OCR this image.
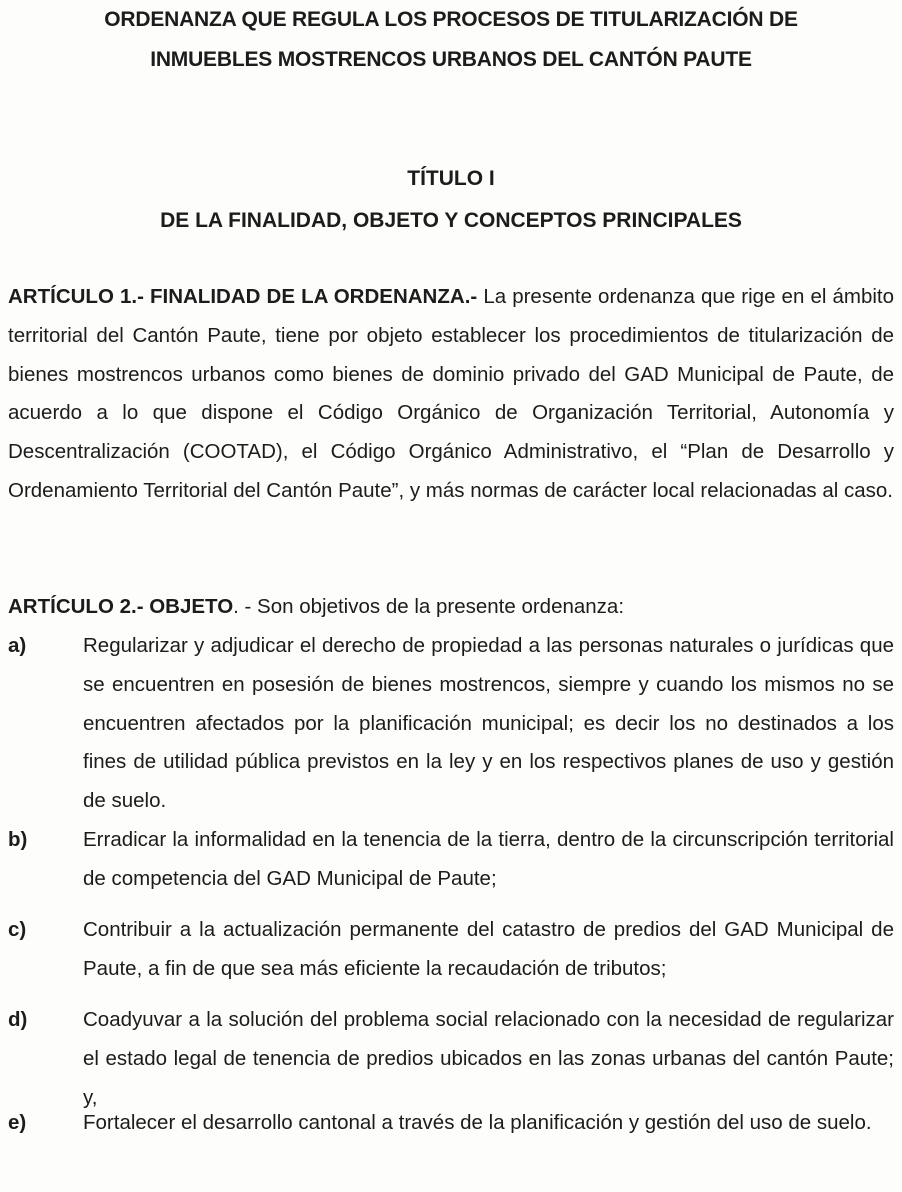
ORDENANZA QUE REGULA LOS PROCESOS DE TITULARIZACIÓN DE
INMUEBLES MOSTRENCOS URBANOS DEL CANTÓN PAUTE
TÍTULO I
DE LA FINALIDAD, OBJETO Y CONCEPTOS PRINCIPALES

ARTÍCULO 1.- FINALIDAD DE LA ORDENANZA.- La presente ordenanza que rige en el ámbito territorial del Cantón Paute, tiene por objeto establecer los procedimientos de titularización de bienes mostrencos urbanos como bienes de dominio privado del GAD Municipal de Paute, de acuerdo a lo que dispone el Código Orgánico de Organización Territorial, Autonomía y Descentralización (COOTAD), el Código Orgánico Administrativo, el “Plan de Desarrollo y Ordenamiento Territorial del Cantón Paute”, y más normas de carácter local relacionadas al caso.

ARTÍCULO 2.- OBJETO. - Son objetivos de la presente ordenanza:

a)	Regularizar y adjudicar el derecho de propiedad a las personas naturales o jurídicas que se encuentren en posesión de bienes mostrencos, siempre y cuando los mismos no se encuentren afectados por la planificación municipal; es decir los no destinados a los fines de utilidad pública previstos en la ley y en los respectivos planes de uso y gestión de suelo.
b)	Erradicar la informalidad en la tenencia de la tierra, dentro de la circunscripción territorial de competencia del GAD Municipal de Paute;
c)	Contribuir a la actualización permanente del catastro de predios del GAD Municipal de Paute, a fin de que sea más eficiente la recaudación de tributos;
d)	Coadyuvar a la solución del problema social relacionado con la necesidad de regularizar el estado legal de tenencia de predios ubicados en las zonas urbanas del cantón Paute; y,

e)	Fortalecer el desarrollo cantonal a través de la planificación y gestión del uso de suelo.
